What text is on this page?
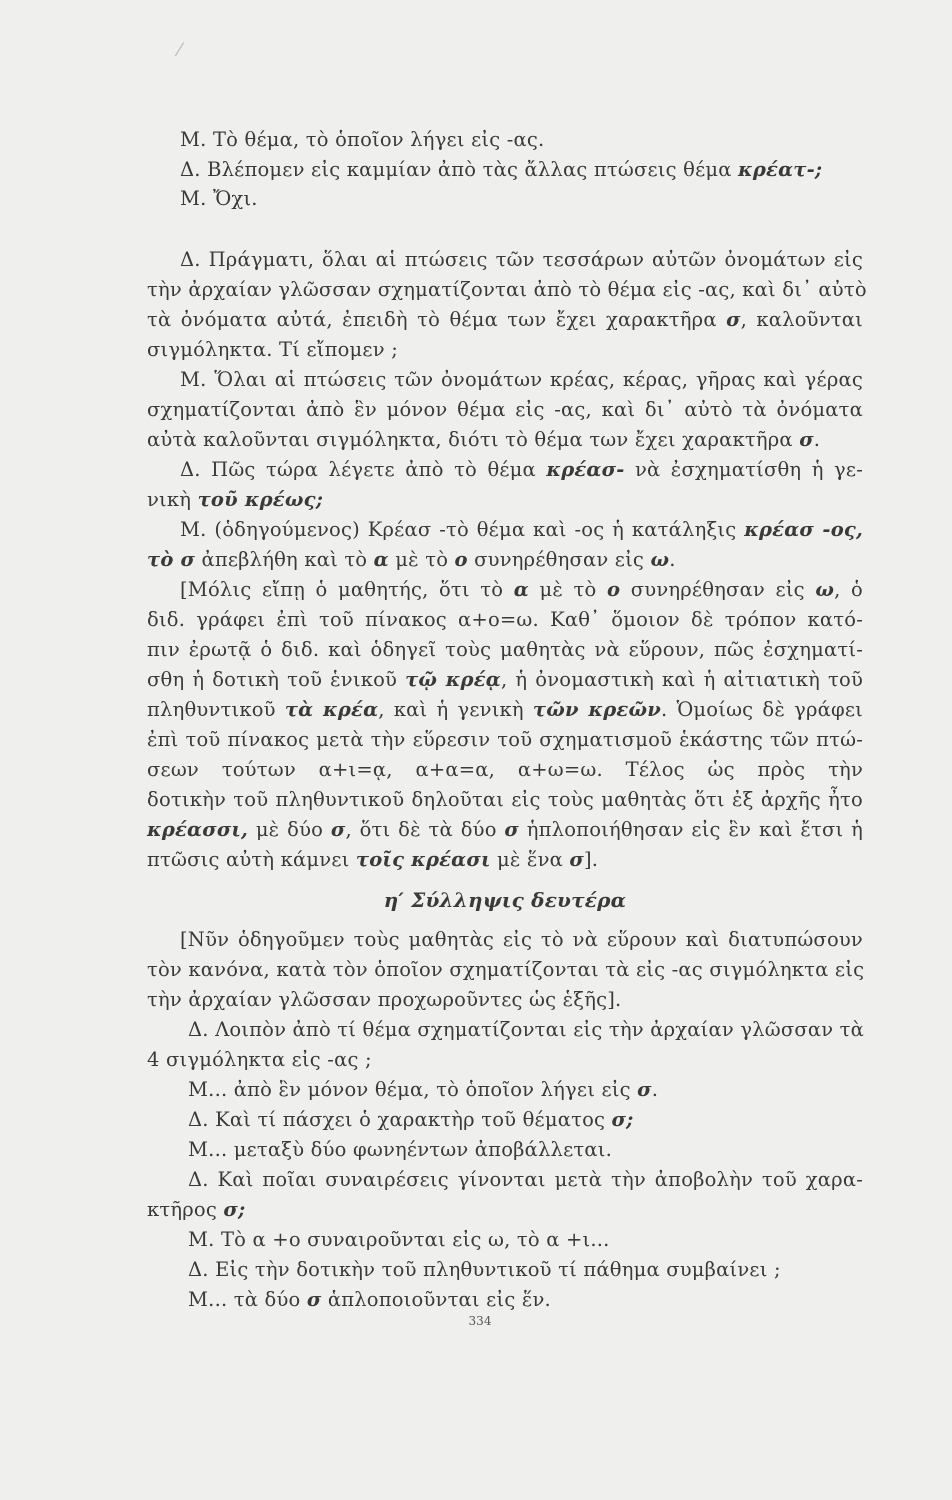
Μ. Τὸ θέμα, τὸ ὁποῖον λήγει εἰς -ας.
Δ. Βλέπομεν εἰς καμμίαν ἀπὸ τὰς ἄλλας πτώσεις θέμα κρέατ-;
Μ. Ὄχι.
Δ. Πράγματι, ὅλαι αἱ πτώσεις τῶν τεσσάρων αὐτῶν ὀνομάτων εἰς
τὴν ἀρχαίαν γλῶσσαν σχηματίζονται ἀπὸ τὸ θέμα εἰς -ας, καὶ δι᾽ αὐτὸ
τὰ ὀνόματα αὐτά, ἐπειδὴ τὸ θέμα των ἔχει χαρακτῆρα σ, καλοῦνται
σιγμόληκτα. Τί εἴπομεν ;
Μ. Ὅλαι αἱ πτώσεις τῶν ὀνομάτων κρέας, κέρας, γῆρας καὶ γέρας
σχηματίζονται ἀπὸ ἓν μόνον θέμα εἰς -ας, καὶ δι᾽ αὐτὸ τὰ ὀνόματα
αὐτὰ καλοῦνται σιγμόληκτα, διότι τὸ θέμα των ἔχει χαρακτῆρα σ.
Δ. Πῶς τώρα λέγετε ἀπὸ τὸ θέμα κρέασ- νὰ ἐσχηματίσθη ἡ γε-
νικὴ τοῦ κρέως;
Μ. (ὁδηγούμενος) Κρέασ -τὸ θέμα καὶ -ος ἡ κατάληξις κρέασ -ος,
τὸ σ ἀπεβλήθη καὶ τὸ α μὲ τὸ ο συνηρέθησαν εἰς ω.
[Μόλις εἴπῃ ὁ μαθητής, ὅτι τὸ α μὲ τὸ ο συνηρέθησαν εἰς ω, ὁ
διδ. γράφει ἐπὶ τοῦ πίνακος α+ο=ω. Καθ᾽ ὅμοιον δὲ τρόπον κατό-
πιν ἐρωτᾷ ὁ διδ. καὶ ὁδηγεῖ τοὺς μαθητὰς νὰ εὕρουν, πῶς ἐσχηματί-
σθη ἡ δοτικὴ τοῦ ἑνικοῦ τῷ κρέᾳ, ἡ ὀνομαστικὴ καὶ ἡ αἰτιατικὴ τοῦ
πληθυντικοῦ τὰ κρέα, καὶ ἡ γενικὴ τῶν κρεῶν. Ὁμοίως δὲ γράφει
ἐπὶ τοῦ πίνακος μετὰ τὴν εὕρεσιν τοῦ σχηματισμοῦ ἑκάστης τῶν πτώ-
σεων τούτων α+ι=ᾳ, α+α=α, α+ω=ω. Τέλος ὡς πρὸς τὴν
δοτικὴν τοῦ πληθυντικοῦ δηλοῦται εἰς τοὺς μαθητὰς ὅτι ἐξ ἀρχῆς ἦτο
κρέασσι, μὲ δύο σ, ὅτι δὲ τὰ δύο σ ἡπλοποιήθησαν εἰς ἓν καὶ ἔτσι ἡ
πτῶσις αὐτὴ κάμνει τοῖς κρέασι μὲ ἕνα σ].
η′ Σύλληψις δευτέρα
[Νῦν ὁδηγοῦμεν τοὺς μαθητὰς εἰς τὸ νὰ εὕρουν καὶ διατυπώσουν
τὸν κανόνα, κατὰ τὸν ὁποῖον σχηματίζονται τὰ εἰς -ας σιγμόληκτα εἰς
τὴν ἀρχαίαν γλῶσσαν προχωροῦντες ὡς ἑξῆς].
Δ. Λοιπὸν ἀπὸ τί θέμα σχηματίζονται εἰς τὴν ἀρχαίαν γλῶσσαν τὰ
4 σιγμόληκτα εἰς -ας ;
Μ... ἀπὸ ἓν μόνον θέμα, τὸ ὁποῖον λήγει εἰς σ.
Δ. Καὶ τί πάσχει ὁ χαρακτὴρ τοῦ θέματος σ;
Μ... μεταξὺ δύο φωνηέντων ἀποβάλλεται.
Δ. Καὶ ποῖαι συναιρέσεις γίνονται μετὰ τὴν ἀποβολὴν τοῦ χαρα-
κτῆρος σ;
Μ. Τὸ α +ο συναιροῦνται εἰς ω, τὸ α +ι...
Δ. Εἰς τὴν δοτικὴν τοῦ πληθυντικοῦ τί πάθημα συμβαίνει ;
Μ... τὰ δύο σ ἁπλοποιοῦνται εἰς ἕν.
334
⁄
